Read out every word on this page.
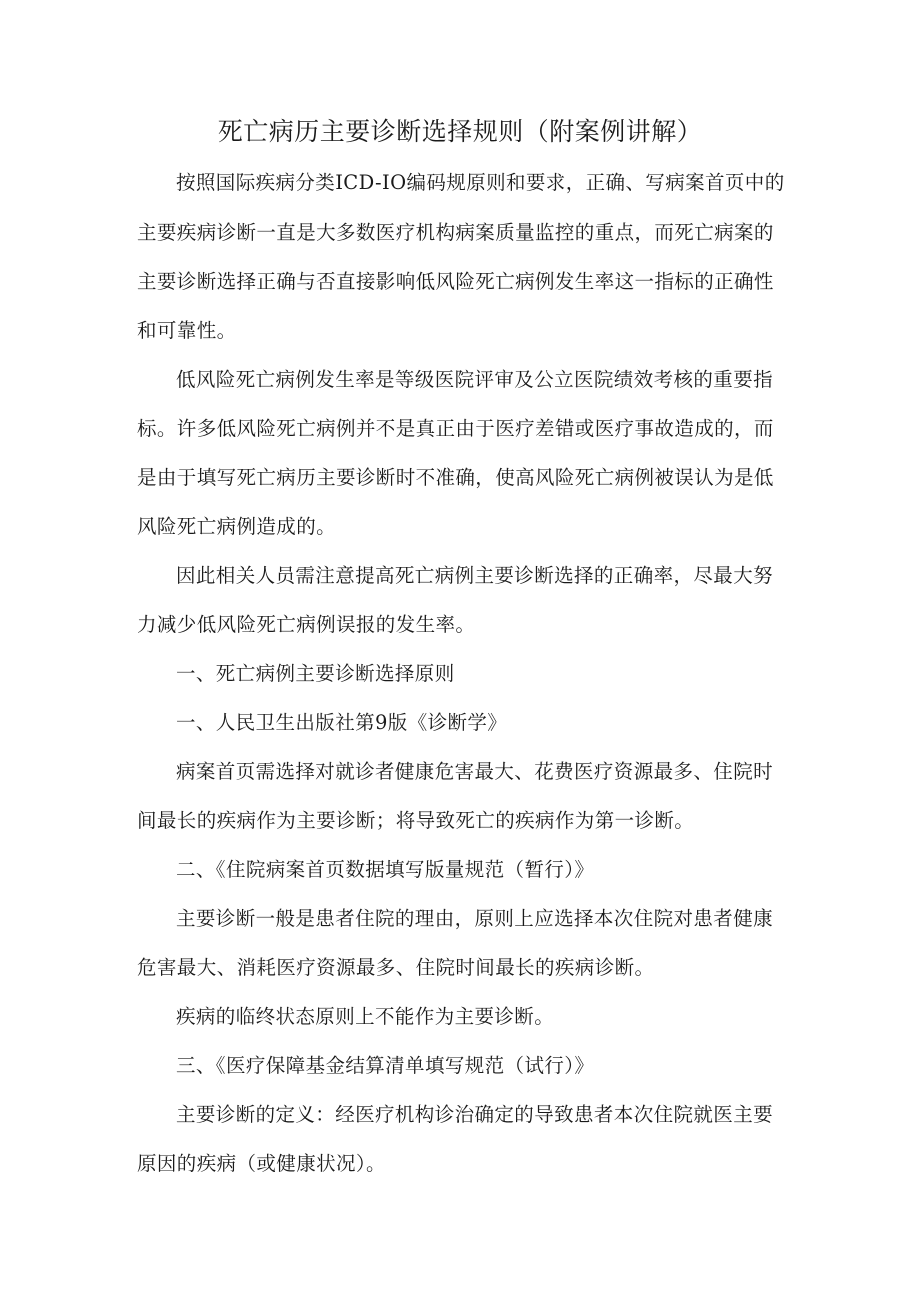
死亡病历主要诊断选择规则（附案例讲解）

按照国际疾病分类ICD-IO编码规原则和要求，正确、写病案首页中的

主要疾病诊断一直是大多数医疗机构病案质量监控的重点，而死亡病案的

主要诊断选择正确与否直接影响低风险死亡病例发生率这一指标的正确性

和可靠性。

低风险死亡病例发生率是等级医院评审及公立医院绩效考核的重要指

标。许多低风险死亡病例并不是真正由于医疗差错或医疗事故造成的，而

是由于填写死亡病历主要诊断时不准确，使高风险死亡病例被误认为是低

风险死亡病例造成的。

因此相关人员需注意提高死亡病例主要诊断选择的正确率，尽最大努

力减少低风险死亡病例误报的发生率。

一、死亡病例主要诊断选择原则

一、人民卫生出版社第9版《诊断学》

病案首页需选择对就诊者健康危害最大、花费医疗资源最多、住院时

间最长的疾病作为主要诊断；将导致死亡的疾病作为第一诊断。

二、《住院病案首页数据填写版量规范（暂行）》

主要诊断一般是患者住院的理由，原则上应选择本次住院对患者健康

危害最大、消耗医疗资源最多、住院时间最长的疾病诊断。

疾病的临终状态原则上不能作为主要诊断。

三、《医疗保障基金结算清单填写规范（试行）》

主要诊断的定义：经医疗机构诊治确定的导致患者本次住院就医主要

原因的疾病（或健康状况）。
